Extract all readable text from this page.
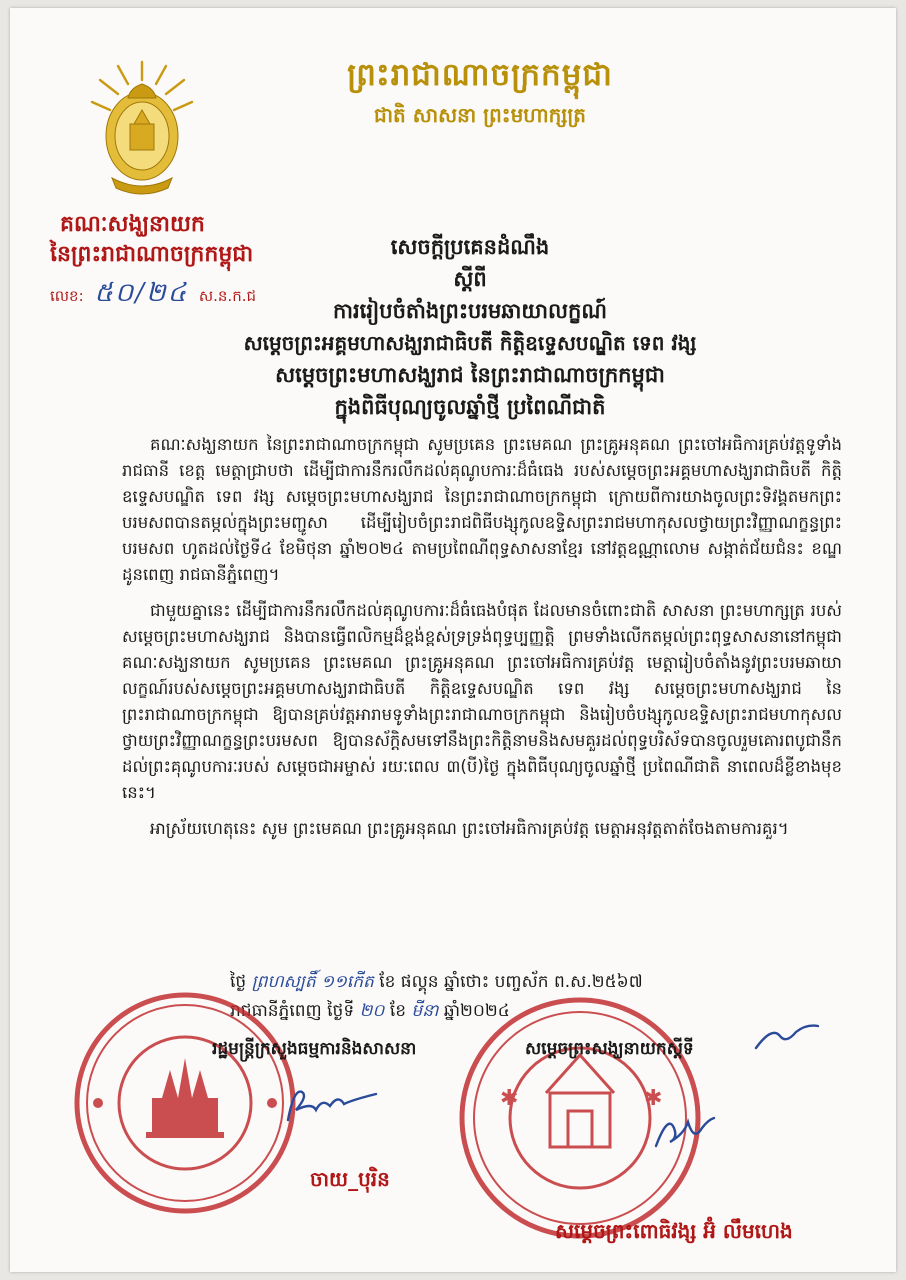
ព្រះរាជាណាចក្រកម្ពុជា
ជាតិ សាសនា ព្រះមហាក្សត្រ
គណៈសង្ឃនាយក
នៃព្រះរាជាណាចក្រកម្ពុជា
លេខ: ៥០/២៤ ស.ន.ក.ជ
សេចក្តីប្រគេនដំណឹង
ស្តីពី
ការរៀបចំតាំងព្រះបរមឆាយាលក្ខណ៍
សម្តេចព្រះអគ្គមហាសង្ឃរាជាធិបតី កិត្តិឧទ្ទេសបណ្ឌិត ទេព វង្ស
សម្តេចព្រះមហាសង្ឃរាជ នៃព្រះរាជាណាចក្រកម្ពុជា
ក្នុងពិធីបុណ្យចូលឆ្នាំថ្មី ប្រពៃណីជាតិ

គណៈសង្ឃនាយក នៃព្រះរាជាណាចក្រកម្ពុជា សូមប្រគេន ព្រះមេគណ ព្រះគ្រូអនុគណ ព្រះចៅអធិការគ្រប់វត្តទូទាំងរាជធានី ខេត្ត មេត្តាជ្រាបថា ដើម្បីជាការនឹករលឹកដល់គុណូបការៈដ៏ធំធេង របស់សម្តេចព្រះអគ្គមហាសង្ឃរាជាធិបតី កិត្តិឧទ្ទេសបណ្ឌិត ទេព វង្ស សម្តេចព្រះមហាសង្ឃរាជ នៃព្រះរាជាណាចក្រកម្ពុជា ក្រោយពីការយាងចូលព្រះទិវង្គតមកព្រះបរមសពបានតម្កល់ក្នុងព្រះមញ្ជូសា ដើម្បីរៀបចំព្រះរាជពិធីបង្សុកូលឧទ្ទិសព្រះរាជមហាកុសលថ្វាយព្រះវិញ្ញាណក្ខន្ធព្រះបរមសព ហូតដល់ថ្ងៃទី៤ ខែមិថុនា ឆ្នាំ២០២៤ តាមប្រពៃណីពុទ្ធសាសនាខ្មែរ នៅវត្តឧណ្ណាលោម សង្កាត់ជ័យជំនះ ខណ្ឌដូនពេញ រាជធានីភ្នំពេញ។

ជាមួយគ្នានេះ ដើម្បីជាការនឹករលឹកដល់គុណូបការៈដ៏ធំធេងបំផុត ដែលមានចំពោះជាតិ សាសនា ព្រះមហាក្សត្រ របស់សម្តេចព្រះមហាសង្ឃរាជ និងបានធ្វើពលិកម្មដ៏ខ្ពង់ខ្ពស់ទ្រទ្រង់ពុទ្ធប្បញ្ញត្តិ ព្រមទាំងលើកតម្កល់ព្រះពុទ្ធសាសនានៅកម្ពុជា គណៈសង្ឃនាយក សូមប្រគេន ព្រះមេគណ ព្រះគ្រូអនុគណ ព្រះចៅអធិការគ្រប់វត្ត មេត្តារៀបចំតាំងនូវព្រះបរមឆាយាលក្ខណ៍របស់សម្តេចព្រះអគ្គមហាសង្ឃរាជាធិបតី កិត្តិឧទ្ទេសបណ្ឌិត ទេព វង្ស សម្តេចព្រះមហាសង្ឃរាជ នៃព្រះរាជាណាចក្រកម្ពុជា ឱ្យបានគ្រប់វត្តអារាមទូទាំងព្រះរាជាណាចក្រកម្ពុជា និងរៀបចំបង្សុកូលឧទ្ទិសព្រះរាជមហាកុសលថ្វាយព្រះវិញ្ញាណក្ខន្ធព្រះបរមសព ឱ្យបានស័ក្តិសមទៅនឹងព្រះកិត្តិនាមនិងសមគួរដល់ពុទ្ធបរិស័ទបានចូលរួមគោរពបូជានឹកដល់ព្រះគុណូបការៈរបស់ សម្តេចជាអម្ចាស់ រយៈពេល ៣(បី)ថ្ងៃ ក្នុងពិធីបុណ្យចូលឆ្នាំថ្មី ប្រពៃណីជាតិ នាពេលដ៏ខ្លីខាងមុខនេះ។

អាស្រ័យហេតុនេះ សូម ព្រះមេគណ ព្រះគ្រូអនុគណ ព្រះចៅអធិការគ្រប់វត្ត មេត្តាអនុវត្តតាត់ចែងតាមការគួរ។

ថ្ងៃ ព្រហស្បតិ៍ ១១កើត ខែ ផល្គុន ឆ្នាំថោះ បញ្ចស័ក ព.ស.២៥៦៧
រាជធានីភ្នំពេញ ថ្ងៃទី ២០ ខែ មីនា ឆ្នាំ២០២៤
✱	✱
រដ្ឋមន្ត្រីក្រសួងធម្មការនិងសាសនា	សម្តេចព្រះសង្ឃនាយកស្តីទី
ចាយ_បុរិន
សម្តេចព្រះពោធិវង្ស អ៊ំ លឹមហេង
